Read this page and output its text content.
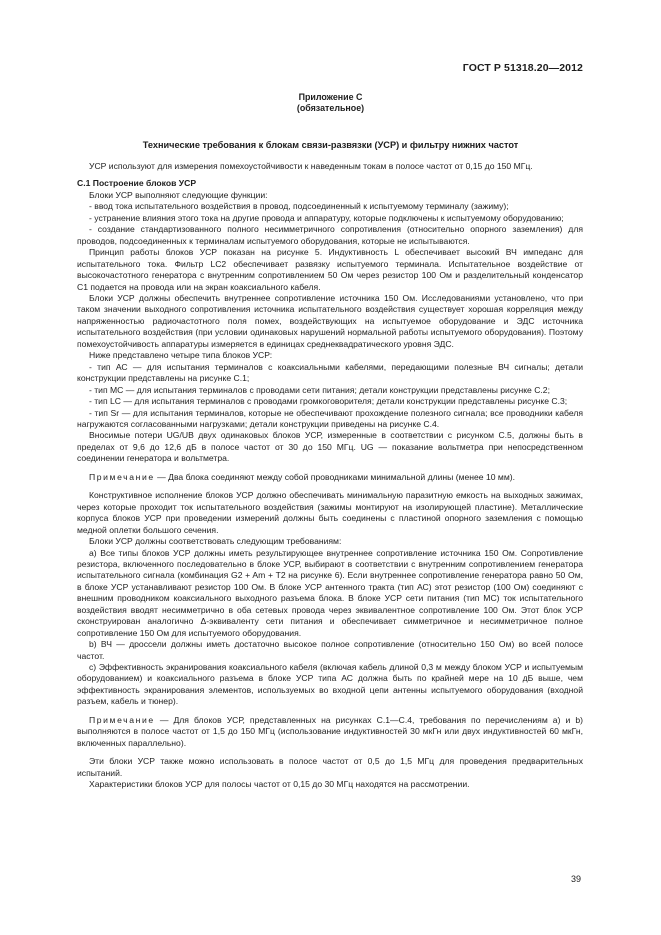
ГОСТ Р 51318.20—2012
Приложение С
(обязательное)
Технические требования к блокам связи-развязки (УСР) и фильтру нижних частот

УСР используют для измерения помехоустойчивости к наведенным токам в полосе частот от 0,15 до 150 МГц.

С.1 Построение блоков УСР

Блоки УСР выполняют следующие функции:

- ввод тока испытательного воздействия в провод, подсоединенный к испытуемому терминалу (зажиму);

- устранение влияния этого тока на другие провода и аппаратуру, которые подключены к испытуемому оборудованию;

- создание стандартизованного полного несимметричного сопротивления (относительно опорного заземления) для проводов, подсоединенных к терминалам испытуемого оборудования, которые не испытываются.

Принцип работы блоков УСР показан на рисунке 5. Индуктивность L обеспечивает высокий ВЧ импеданс для испытательного тока. Фильтр LC2 обеспечивает развязку испытуемого терминала. Испытательное воздействие от высокочастотного генератора с внутренним сопротивлением 50 Ом через резистор 100 Ом и разделительный конденсатор С1 подается на провода или на экран коаксиального кабеля.

Блоки УСР должны обеспечить внутреннее сопротивление источника 150 Ом. Исследованиями установлено, что при таком значении выходного сопротивления источника испытательного воздействия существует хорошая корреляция между напряженностью радиочастотного поля помех, воздействующих на испытуемое оборудование и ЭДС источника испытательного воздействия (при условии одинаковых нарушений нормальной работы испытуемого оборудования). Поэтому помехоустойчивость аппаратуры измеряется в единицах среднеквадратического уровня ЭДС.

Ниже представлено четыре типа блоков УСР:

- тип АС — для испытания терминалов с коаксиальными кабелями, передающими полезные ВЧ сигналы; детали конструкции представлены на рисунке С.1;

- тип МС — для испытания терминалов с проводами сети питания; детали конструкции представлены рисунке С.2;

- тип LC — для испытания терминалов с проводами громкоговорителя; детали конструкции представлены рисунке С.3;

- тип Sr — для испытания терминалов, которые не обеспечивают прохождение полезного сигнала; все проводники кабеля нагружаются согласованными нагрузками; детали конструкции приведены на рисунке С.4.

Вносимые потери UG/UB двух одинаковых блоков УСР, измеренные в соответствии с рисунком С.5, должны быть в пределах от 9,6 до 12,6 дБ в полосе частот от 30 до 150 МГц. UG — показание вольтметра при непосредственном соединении генератора и вольтметра.

Примечание — Два блока соединяют между собой проводниками минимальной длины (менее 10 мм).

Конструктивное исполнение блоков УСР должно обеспечивать минимальную паразитную емкость на выходных зажимах, через которые проходит ток испытательного воздействия (зажимы монтируют на изолирующей пластине). Металлические корпуса блоков УСР при проведении измерений должны быть соединены с пластиной опорного заземления с помощью медной оплетки большого сечения.

Блоки УСР должны соответствовать следующим требованиям:

а) Все типы блоков УСР должны иметь результирующее внутреннее сопротивление источника 150 Ом. Сопротивление резистора, включенного последовательно в блоке УСР, выбирают в соответствии с внутренним сопротивлением генератора испытательного сигнала (комбинация G2 + Am + T2 на рисунке 6). Если внутреннее сопротивление генератора равно 50 Ом, в блоке УСР устанавливают резистор 100 Ом. В блоке УСР антенного тракта (тип АС) этот резистор (100 Ом) соединяют с внешним проводником коаксиального выходного разъема блока. В блоке УСР сети питания (тип МС) ток испытательного воздействия вводят несимметрично в оба сетевых провода через эквивалентное сопротивление 100 Ом. Этот блок УСР сконструирован аналогично Δ-эквиваленту сети питания и обеспечивает симметричное и несимметричное полное сопротивление 150 Ом для испытуемого оборудования.

b) ВЧ — дроссели должны иметь достаточно высокое полное сопротивление (относительно 150 Ом) во всей полосе частот.

с) Эффективность экранирования коаксиального кабеля (включая кабель длиной 0,3 м между блоком УСР и испытуемым оборудованием) и коаксиального разъема в блоке УСР типа АС должна быть по крайней мере на 10 дБ выше, чем эффективность экранирования элементов, используемых во входной цепи антенны испытуемого оборудования (входной разъем, кабель и тюнер).

Примечание — Для блоков УСР, представленных на рисунках С.1—С.4, требования по перечислениям а) и b) выполняются в полосе частот от 1,5 до 150 МГц (использование индуктивностей 30 мкГн или двух индуктивностей 60 мкГн, включенных параллельно).

Эти блоки УСР также можно использовать в полосе частот от 0,5 до 1,5 МГц для проведения предварительных испытаний.

Характеристики блоков УСР для полосы частот от 0,15 до 30 МГц находятся на рассмотрении.

39
